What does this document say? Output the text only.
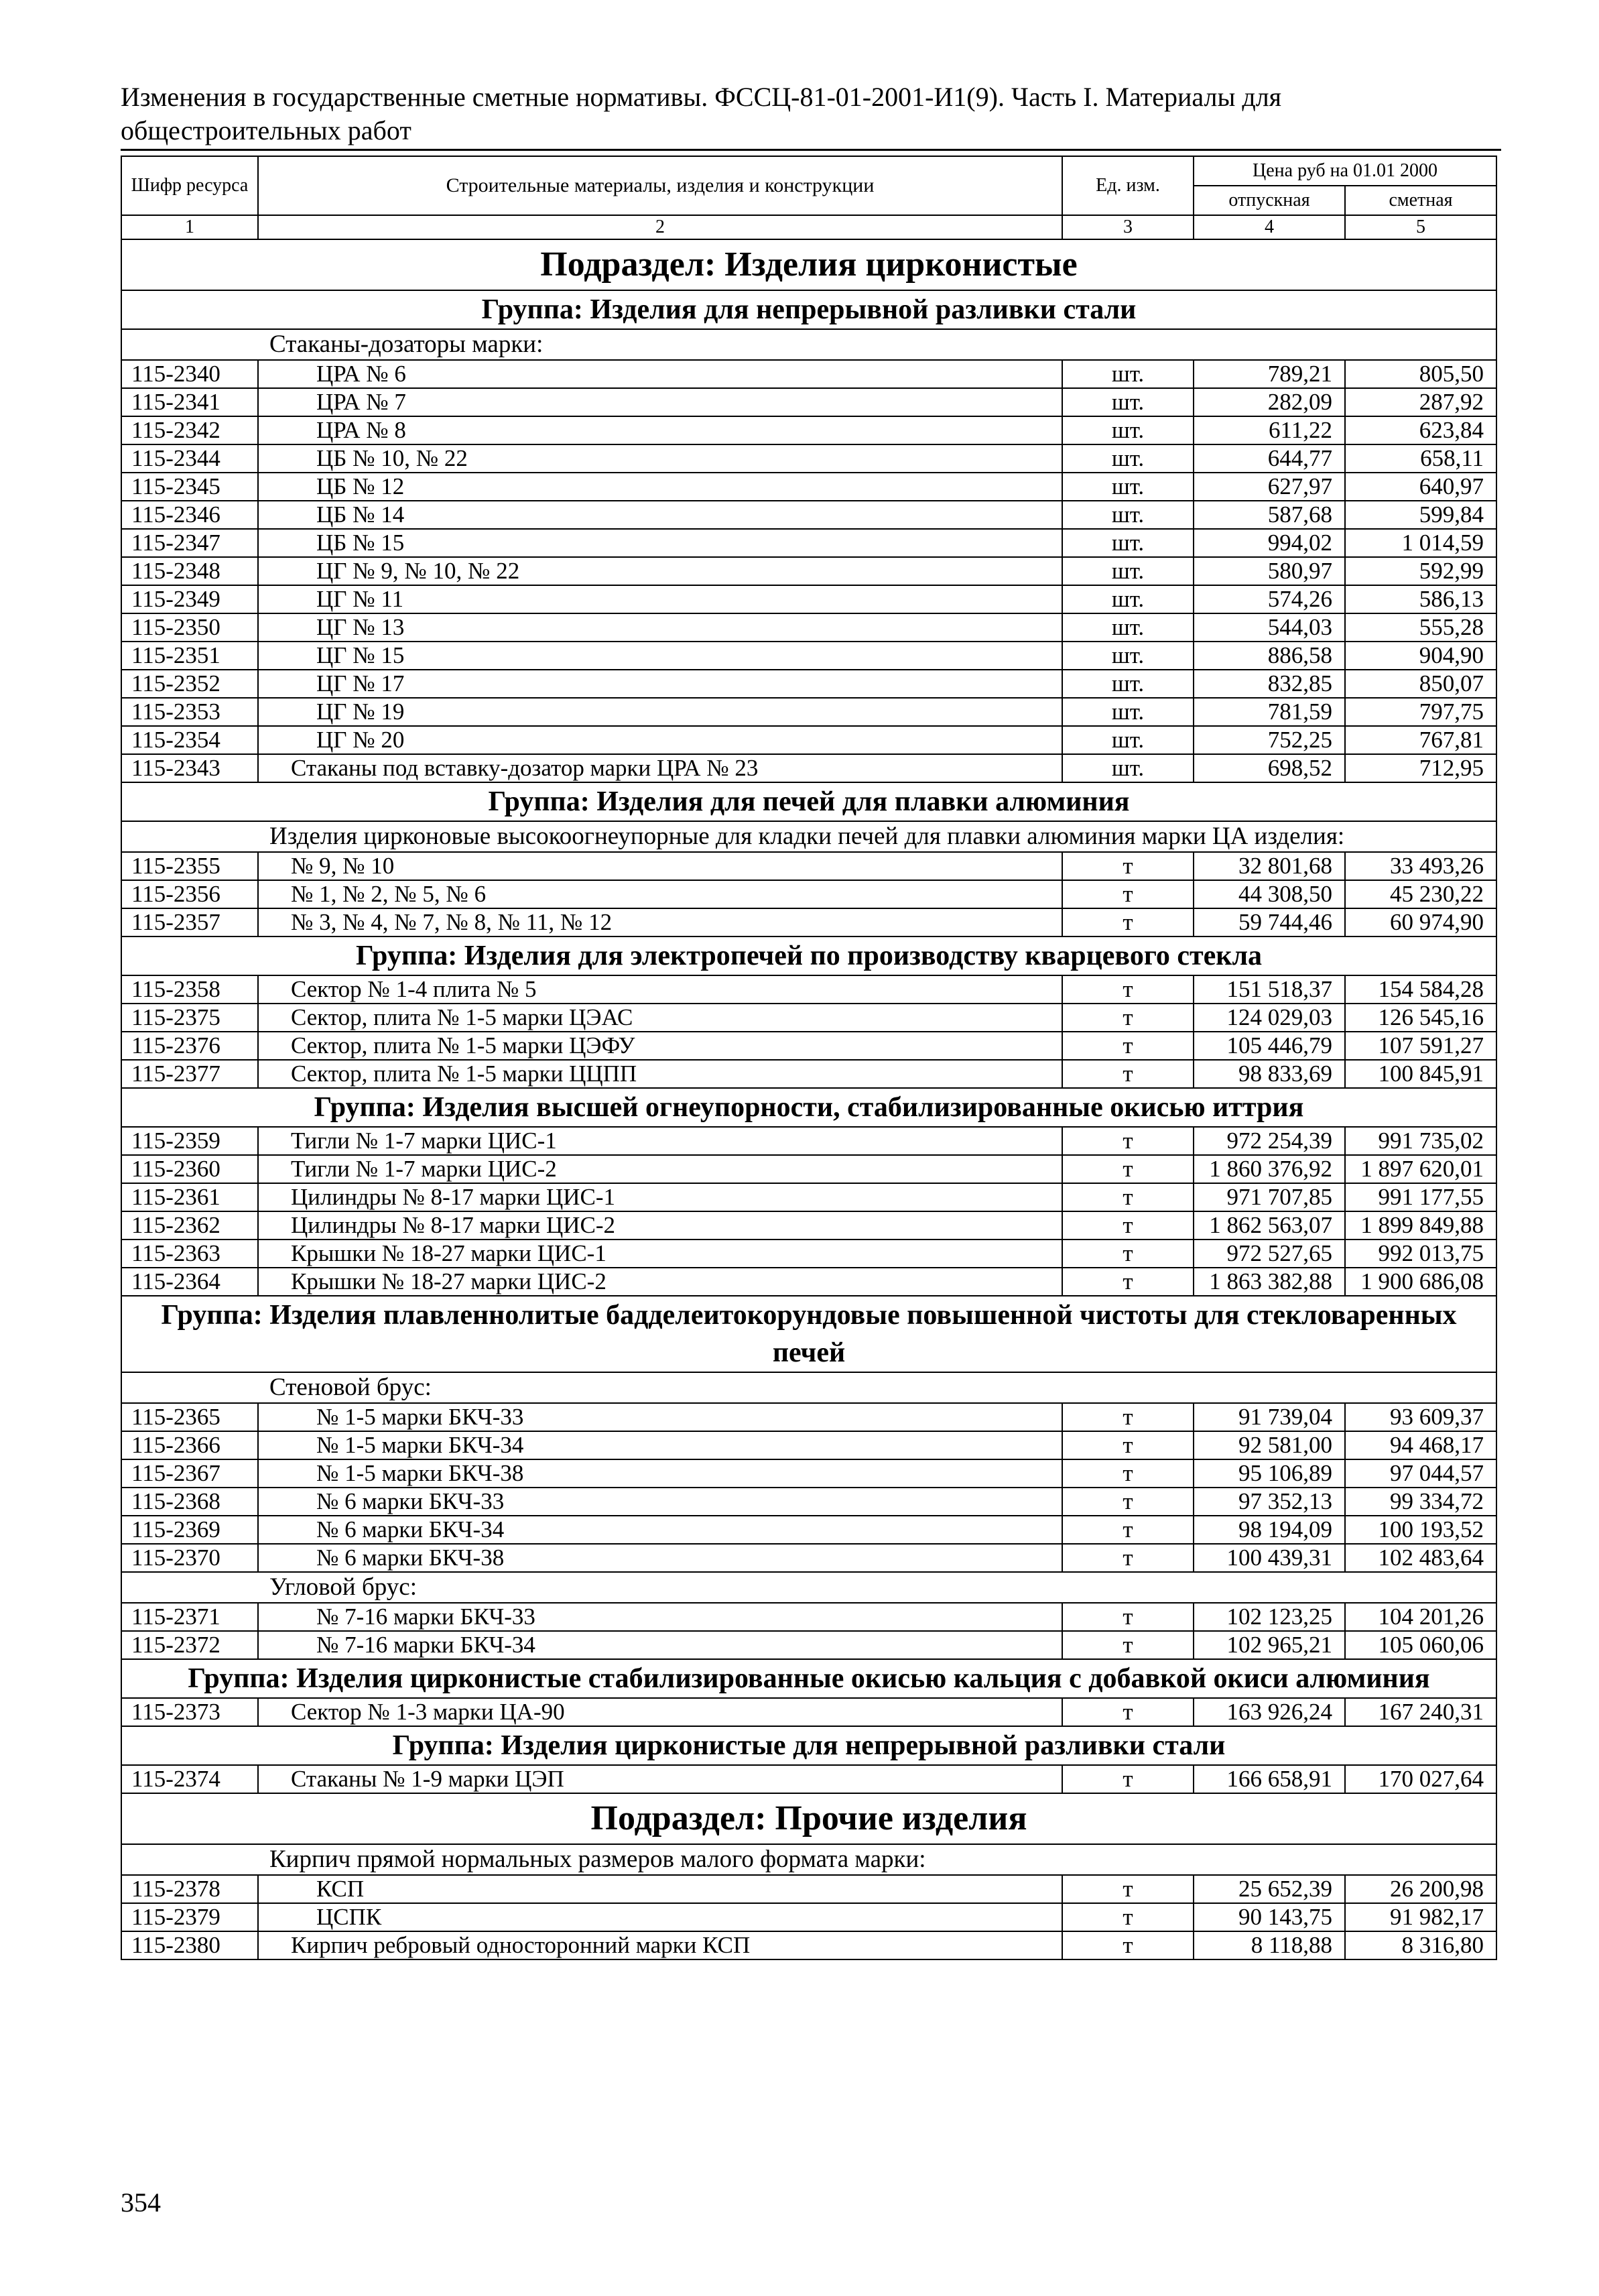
Изменения в государственные сметные нормативы. ФССЦ-81-01-2001-И1(9). Часть I. Материалы для
общестроительных работ
Шифр ресурса	Строительные материалы, изделия и конструкции	Ед. изм.	Цена руб на 01.01 2000	
			отпускная	сметная
1	2	3	4	5
Подраздел: Изделия цирконистые				
Группа: Изделия для непрерывной разливки стали				
Стаканы-дозаторы марки:				
115-2340	ЦРА № 6	шт.	789,21	805,50
115-2341	ЦРА № 7	шт.	282,09	287,92
115-2342	ЦРА № 8	шт.	611,22	623,84
115-2344	ЦБ № 10, № 22	шт.	644,77	658,11
115-2345	ЦБ № 12	шт.	627,97	640,97
115-2346	ЦБ № 14	шт.	587,68	599,84
115-2347	ЦБ № 15	шт.	994,02	1 014,59
115-2348	ЦГ № 9, № 10, № 22	шт.	580,97	592,99
115-2349	ЦГ № 11	шт.	574,26	586,13
115-2350	ЦГ № 13	шт.	544,03	555,28
115-2351	ЦГ № 15	шт.	886,58	904,90
115-2352	ЦГ № 17	шт.	832,85	850,07
115-2353	ЦГ № 19	шт.	781,59	797,75
115-2354	ЦГ № 20	шт.	752,25	767,81
115-2343	Стаканы под вставку-дозатор марки ЦРА № 23	шт.	698,52	712,95
Группа: Изделия для печей для плавки алюминия				
Изделия цирконовые высокоогнеупорные для кладки печей для плавки алюминия марки ЦА изделия:				
115-2355	№ 9, № 10	т	32 801,68	33 493,26
115-2356	№ 1, № 2, № 5, № 6	т	44 308,50	45 230,22
115-2357	№ 3, № 4, № 7, № 8, № 11, № 12	т	59 744,46	60 974,90
Группа: Изделия для электропечей по производству кварцевого стекла				
115-2358	Сектор № 1-4 плита № 5	т	151 518,37	154 584,28
115-2375	Сектор, плита № 1-5 марки ЦЭАС	т	124 029,03	126 545,16
115-2376	Сектор, плита № 1-5 марки ЦЭФУ	т	105 446,79	107 591,27
115-2377	Сектор, плита № 1-5 марки ЦЦПП	т	98 833,69	100 845,91
Группа: Изделия высшей огнеупорности, стабилизированные окисью иттрия				
115-2359	Тигли № 1-7 марки ЦИС-1	т	972 254,39	991 735,02
115-2360	Тигли № 1-7 марки ЦИС-2	т	1 860 376,92	1 897 620,01
115-2361	Цилиндры № 8-17 марки ЦИС-1	т	971 707,85	991 177,55
115-2362	Цилиндры № 8-17 марки ЦИС-2	т	1 862 563,07	1 899 849,88
115-2363	Крышки № 18-27 марки ЦИС-1	т	972 527,65	992 013,75
115-2364	Крышки № 18-27 марки ЦИС-2	т	1 863 382,88	1 900 686,08
Группа: Изделия плавленнолитые бадделеитокорундовые повышенной чистоты для стекловаренных печей				
Стеновой брус:				
115-2365	№ 1-5 марки БКЧ-33	т	91 739,04	93 609,37
115-2366	№ 1-5 марки БКЧ-34	т	92 581,00	94 468,17
115-2367	№ 1-5 марки БКЧ-38	т	95 106,89	97 044,57
115-2368	№ 6 марки БКЧ-33	т	97 352,13	99 334,72
115-2369	№ 6 марки БКЧ-34	т	98 194,09	100 193,52
115-2370	№ 6 марки БКЧ-38	т	100 439,31	102 483,64
Угловой брус:				
115-2371	№ 7-16 марки БКЧ-33	т	102 123,25	104 201,26
115-2372	№ 7-16 марки БКЧ-34	т	102 965,21	105 060,06
Группа: Изделия цирконистые стабилизированные окисью кальция с добавкой окиси алюминия				
115-2373	Сектор № 1-3 марки ЦА-90	т	163 926,24	167 240,31
Группа: Изделия цирконистые для непрерывной разливки стали				
115-2374	Стаканы № 1-9 марки ЦЭП	т	166 658,91	170 027,64
Подраздел: Прочие изделия				
Кирпич прямой нормальных размеров малого формата марки:				
115-2378	КСП	т	25 652,39	26 200,98
115-2379	ЦСПК	т	90 143,75	91 982,17
115-2380	Кирпич ребровый односторонний марки КСП	т	8 118,88	8 316,80
354
